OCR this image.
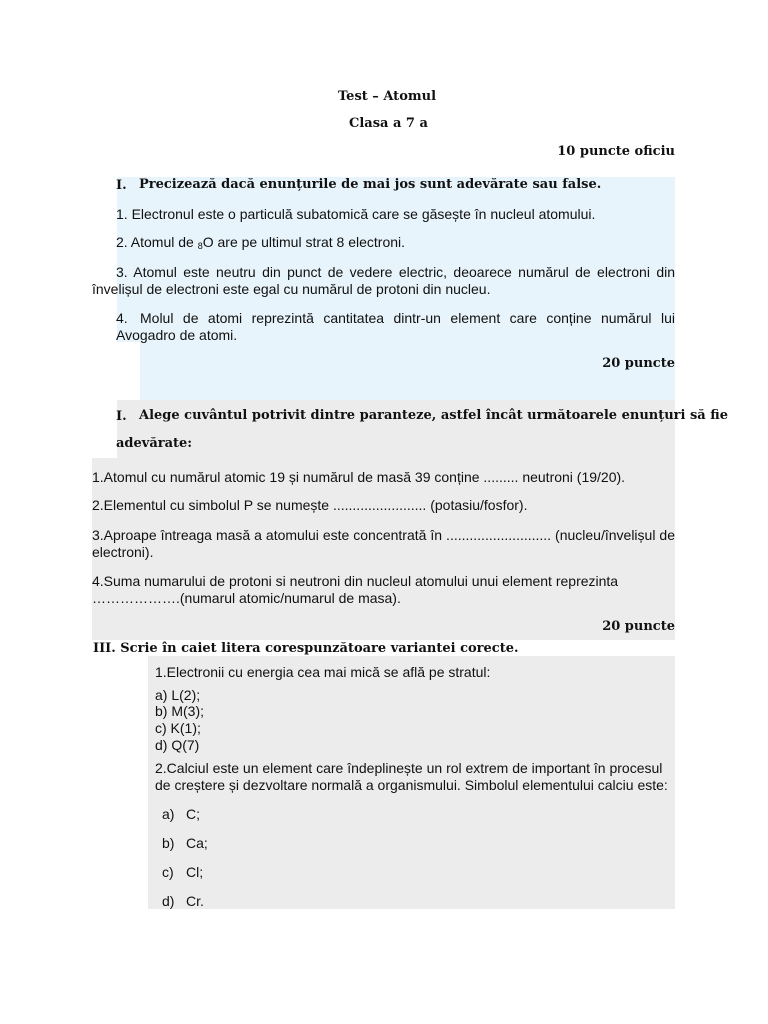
Test – Atomul
Clasa a 7 a
10 puncte oficiu
I. Precizează dacă enunțurile de mai jos sunt adevărate sau false.
1. Electronul este o particulă subatomică care se găsește în nucleul atomului.
2. Atomul de $_8$O are pe ultimul strat 8 electroni.
3. Atomul este neutru din punct de vedere electric, deoarece numărul de electroni din învelișul de electroni este egal cu numărul de protoni din nucleu.
4. Molul de atomi reprezintă cantitatea dintr-un element care conține numărul lui Avogadro de atomi.
20 puncte
I. Alege cuvântul potrivit dintre paranteze, astfel încât următoarele enunțuri să fie
adevărate:
1.Atomul cu numărul atomic 19 și numărul de masă 39 conține ......... neutroni (19/20).
2.Elementul cu simbolul P se numește ........................ (potasiu/fosfor).
3.Aproape întreaga masă a atomului este concentrată în ........................... (nucleu/învelișul de electroni).
4.Suma numarului de protoni si neutroni din nucleul atomului unui element reprezinta ……………….(numarul atomic/numarul de masa).
20 puncte
III. Scrie în caiet litera corespunzătoare variantei corecte.
1.Electronii cu energia cea mai mică se află pe stratul:
a) L(2);
b) M(3);
c) K(1);
d) Q(7)
2.Calciul este un element care îndeplinește un rol extrem de important în procesul de creștere și dezvoltare normală a organismului. Simbolul elementului calciu este:
a) C;
b) Ca;
c) Cl;
d) Cr.
